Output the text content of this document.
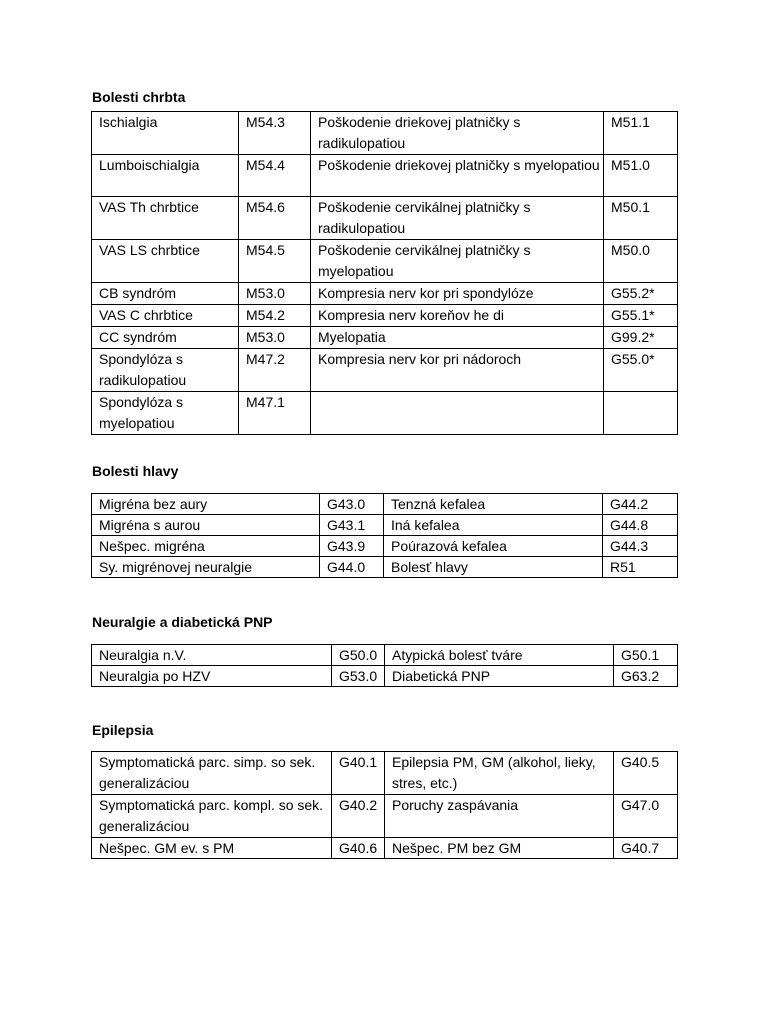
Bolesti chrbta
Ischialgia	M54.3	Poškodenie driekovej platničky s radikulopatiou	M51.1
Lumboischialgia	M54.4	Poškodenie driekovej platničky s myelopatiou	M51.0
VAS Th chrbtice	M54.6	Poškodenie cervikálnej platničky s radikulopatiou	M50.1
VAS LS chrbtice	M54.5	Poškodenie cervikálnej platničky s myelopatiou	M50.0
CB syndróm	M53.0	Kompresia nerv kor pri spondylóze	G55.2*
VAS C chrbtice	M54.2	Kompresia nerv koreňov he di	G55.1*
CC syndróm	M53.0	Myelopatia	G99.2*
Spondylóza s radikulopatiou	M47.2	Kompresia nerv kor pri nádoroch	G55.0*
Spondylóza s myelopatiou	M47.1		
Bolesti hlavy
Migréna bez aury	G43.0	Tenzná kefalea	G44.2
Migréna s aurou	G43.1	Iná kefalea	G44.8
Nešpec. migréna	G43.9	Poúrazová kefalea	G44.3
Sy. migrénovej neuralgie	G44.0	Bolesť hlavy	R51
Neuralgie a diabetická PNP
Neuralgia n.V.	G50.0	Atypická bolesť tváre	G50.1
Neuralgia po HZV	G53.0	Diabetická PNP	G63.2
Epilepsia
Symptomatická parc. simp. so sek. generalizáciou	G40.1	Epilepsia PM, GM (alkohol, lieky, stres, etc.)	G40.5
Symptomatická parc. kompl. so sek. generalizáciou	G40.2	Poruchy zaspávania	G47.0
Nešpec. GM ev. s PM	G40.6	Nešpec. PM bez GM	G40.7
